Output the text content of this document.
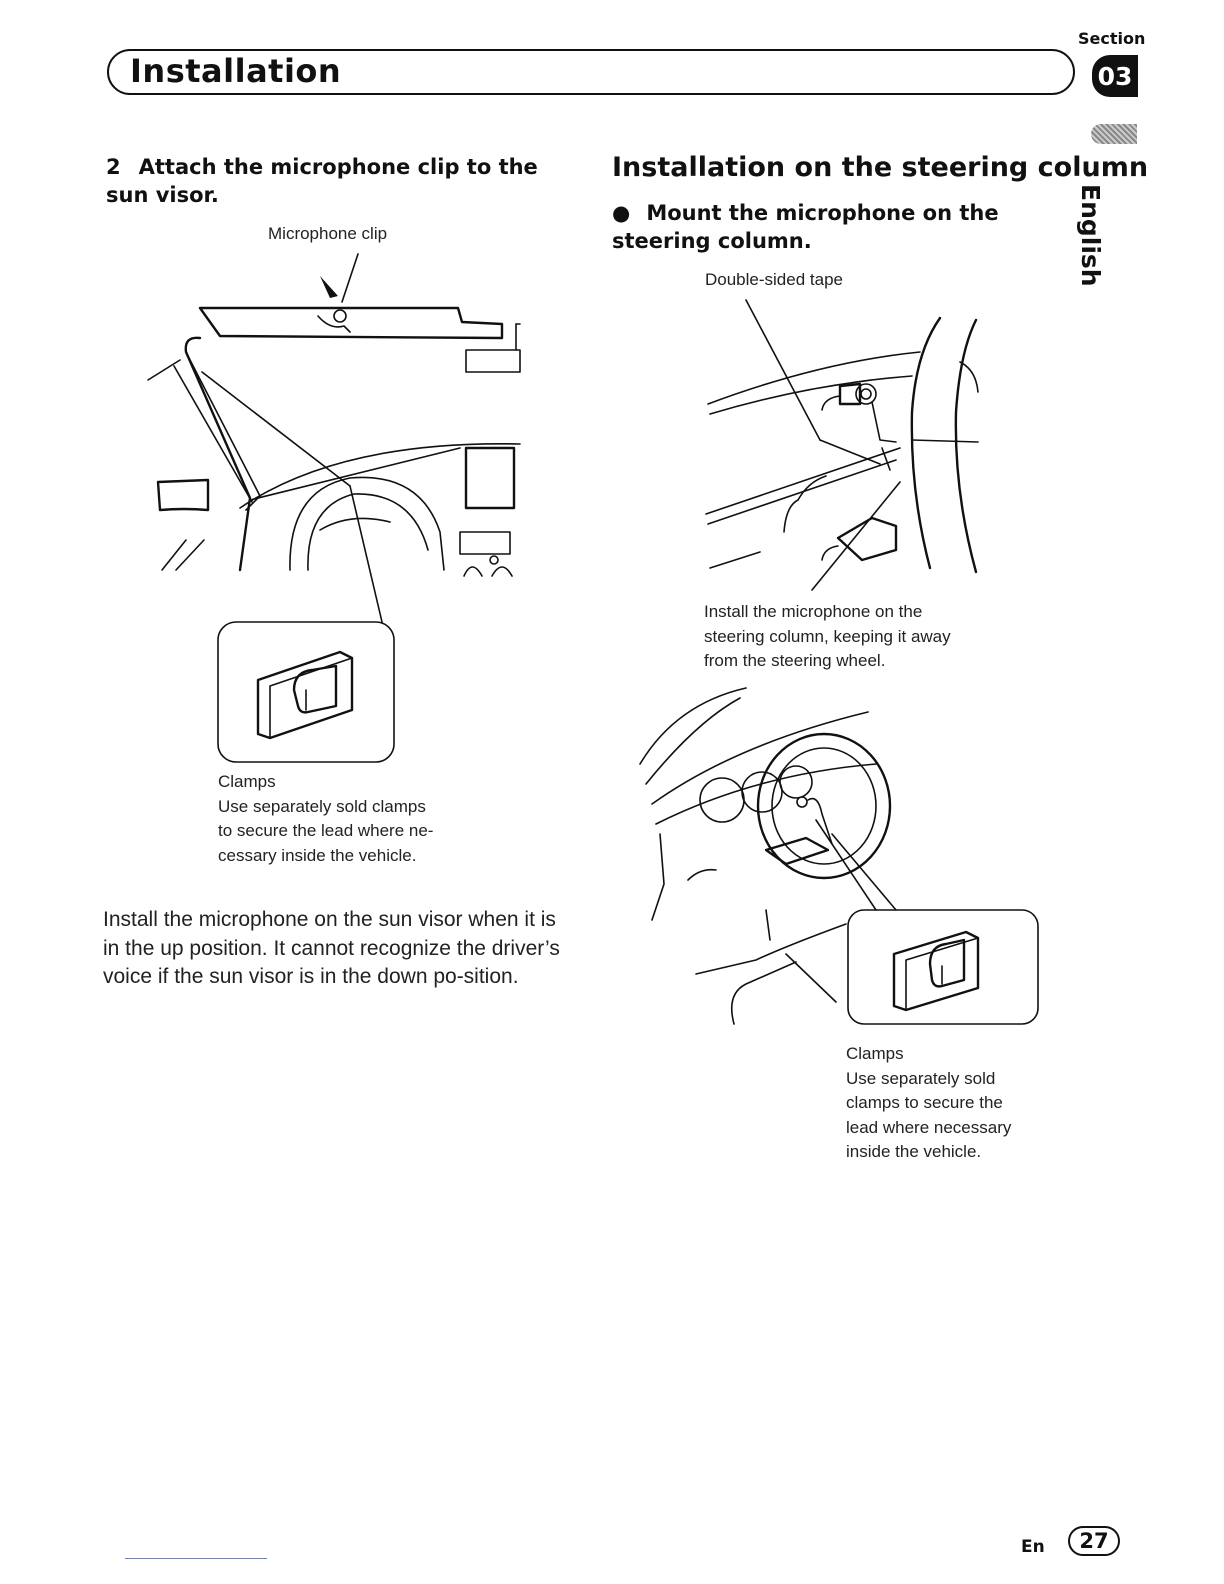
Section
Installation	03
English
2 Attach the microphone clip to the sun visor.
Microphone clip
Clamps
Use separately sold clamps
to secure the lead where ne-
cessary inside the vehicle.
Install the microphone on the sun visor when it is in the up position. It cannot recognize the driver’s voice if the sun visor is in the down po-sition.
Installation on the steering column
● Mount the microphone on the steering column.
Double-sided tape
Install the microphone on the
steering column, keeping it away
from the steering wheel.
Clamps
Use separately sold
clamps to secure the
lead where necessary
inside the vehicle.
En	27
